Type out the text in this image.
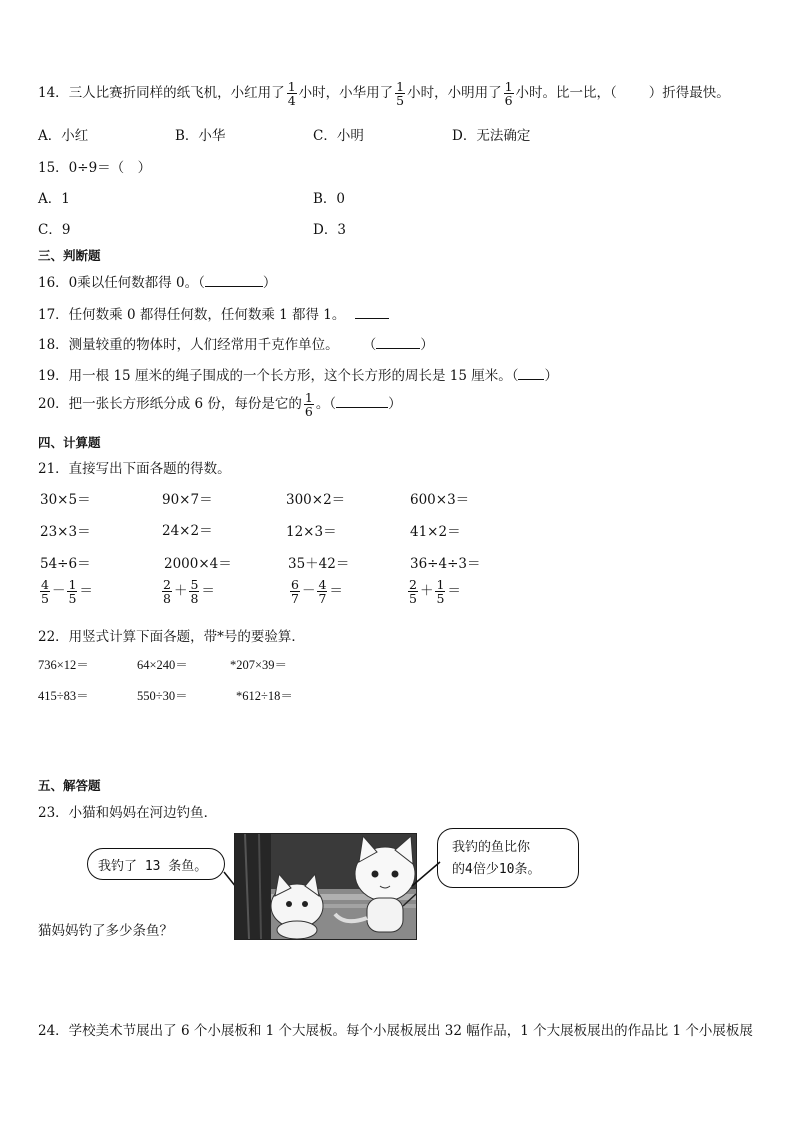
14．三人比赛折同样的纸飞机，小红用了 $\frac{1}{4}$ 小时，小华用了 $\frac{1}{5}$ 小时，小明用了 $\frac{1}{6}$ 小时。比一比，（ ）折得最快。
A．小红	B．小华	C．小明	D．无法确定
15．0÷9＝（　）
A．1	B．0
C．9	D．3
三、判断题
16．0乘以任何数都得 0。（	）
17．任何数乘 0 都得任何数，任何数乘 1 都得 1。
18．测量较重的物体时，人们经常用千克作单位。 （	）
19．用一根 15 厘米的绳子围成的一个长方形，这个长方形的周长是 15 厘米。（ ）
20．把一张长方形纸分成 6 份，每份是它的 $\frac{1}{6}$ 。（	）
四、计算题
21．直接写出下面各题的得数。
30×5＝	90×7＝	300×2＝	600×3＝
23×3＝	24×2＝	12×3＝	41×2＝
54÷6＝	2000×4＝	35＋42＝	36÷4÷3＝
$\frac{4}{5} - \frac{1}{5}$ ＝	$\frac{2}{8} + \frac{5}{8}$ ＝	$\frac{6}{7} - \frac{4}{7}$ ＝	$\frac{2}{5} + \frac{1}{5}$ ＝
22．用竖式计算下面各题，带*号的要验算．
736×12＝	64×240＝	*207×39＝
415÷83＝	550÷30＝	*612÷18＝
五、解答题
23．小猫和妈妈在河边钓鱼．
我钓了 13 条鱼。
我钓的鱼比你
的4倍少10条。
猫妈妈钓了多少条鱼？
24．学校美术节展出了 6 个小展板和 1 个大展板。每个小展板展出 32 幅作品，1 个大展板展出的作品比 1 个小展板展
